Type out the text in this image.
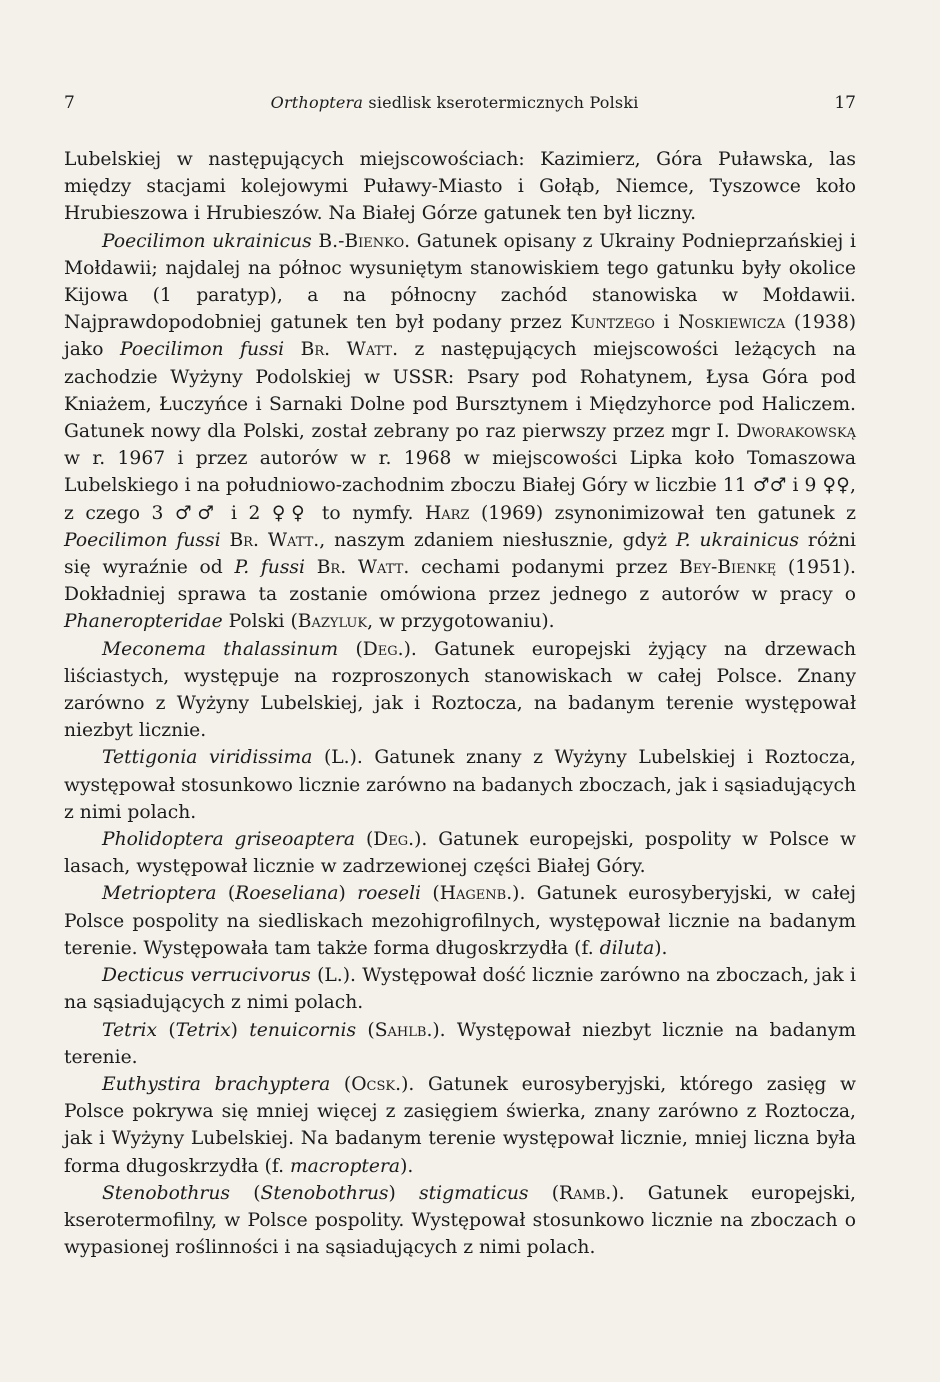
7	Orthoptera siedlisk kserotermicznych Polski	17

Lubelskiej w następujących miejscowościach: Kazimierz, Góra Puławska, las między stacjami kolejowymi Puławy-Miasto i Gołąb, Niemce, Tyszowce koło Hrubieszowa i Hrubieszów. Na Białej Górze gatunek ten był liczny.

Poecilimon ukrainicus B.-Bienko. Gatunek opisany z Ukrainy Podnieprzańskiej i Mołdawii; najdalej na północ wysuniętym stanowiskiem tego gatunku były okolice Kijowa (1 paratyp), a na północny zachód stanowiska w Mołdawii. Najprawdopodobniej gatunek ten był podany przez Kuntzego i Noskiewicza (1938) jako Poecilimon fussi Br. Watt. z następujących miejscowości leżących na zachodzie Wyżyny Podolskiej w USSR: Psary pod Rohatynem, Łysa Góra pod Kniażem, Łuczyńce i Sarnaki Dolne pod Bursztynem i Międzyhorce pod Haliczem. Gatunek nowy dla Polski, został zebrany po raz pierwszy przez mgr I. Dworakowską w r. 1967 i przez autorów w r. 1968 w miejscowości Lipka koło Tomaszowa Lubelskiego i na południowo-zachodnim zboczu Białej Góry w liczbie 11 ♂♂ i 9 ♀♀, z czego 3 ♂♂ i 2 ♀♀ to nymfy. Harz (1969) zsynonimizował ten gatunek z Poecilimon fussi Br. Watt., naszym zdaniem niesłusznie, gdyż P. ukrainicus różni się wyraźnie od P. fussi Br. Watt. cechami podanymi przez Bey-Bienkę (1951). Dokładniej sprawa ta zostanie omówiona przez jednego z autorów w pracy o Phaneropteridae Polski (Bazyluk, w przygotowaniu).

Meconema thalassinum (Deg.). Gatunek europejski żyjący na drzewach liściastych, występuje na rozproszonych stanowiskach w całej Polsce. Znany zarówno z Wyżyny Lubelskiej, jak i Roztocza, na badanym terenie występował niezbyt licznie.

Tettigonia viridissima (L.). Gatunek znany z Wyżyny Lubelskiej i Roztocza, występował stosunkowo licznie zarówno na badanych zboczach, jak i sąsiadujących z nimi polach.

Pholidoptera griseoaptera (Deg.). Gatunek europejski, pospolity w Polsce w lasach, występował licznie w zadrzewionej części Białej Góry.

Metrioptera (Roeseliana) roeseli (Hagenb.). Gatunek eurosyberyjski, w całej Polsce pospolity na siedliskach mezohigrofilnych, występował licznie na badanym terenie. Występowała tam także forma długoskrzydła (f. diluta).

Decticus verrucivorus (L.). Występował dość licznie zarówno na zboczach, jak i na sąsiadujących z nimi polach.

Tetrix (Tetrix) tenuicornis (Sahlb.). Występował niezbyt licznie na badanym terenie.

Euthystira brachyptera (Ocsk.). Gatunek eurosyberyjski, którego zasięg w Polsce pokrywa się mniej więcej z zasięgiem świerka, znany zarówno z Roztocza, jak i Wyżyny Lubelskiej. Na badanym terenie występował licznie, mniej liczna była forma długoskrzydła (f. macroptera).

Stenobothrus (Stenobothrus) stigmaticus (Ramb.). Gatunek europejski, kserotermofilny, w Polsce pospolity. Występował stosunkowo licznie na zboczach o wypasionej roślinności i na sąsiadujących z nimi polach.
